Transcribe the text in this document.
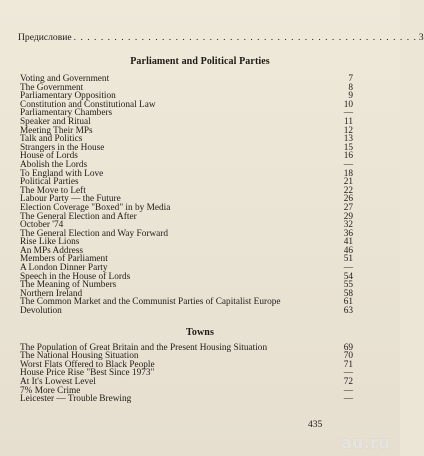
Предисловие . . . . . . . . . . . . . . . . . . . . . . . . . . . . . . . . . . . . . . . . . . . . . . . . . . . 3
Parliament and Political Parties
Voting and Government	7
The Government	8
Parliamentary Opposition	9
Constitution and Constitutional Law	10
Parliamentary Chambers	—
Speaker and Ritual	11
Meeting Their MPs	12
Talk and Politics	13
Strangers in the House	15
House of Lords	16
Abolish the Lords	—
To England with Love	18
Political Parties	21
The Move to Left	22
Labour Party — the Future	26
Election Coverage "Boxed" in by Media	27
The General Election and After	29
October '74	32
The General Election and Way Forward	36
Rise Like Lions	41
An MPs Address	46
Members of Parliament	51
A London Dinner Party	—
Speech in the House of Lords	54
The Meaning of Numbers	55
Northern Ireland	58
The Common Market and the Communist Parties of Capitalist Europe	61
Devolution	63
Towns
The Population of Great Britain and the Present Housing Situation	69
The National Housing Situation	70
Worst Flats Offered to Black People	71
House Price Rise "Best Since 1973"	—
At It's Lowest Level	72
7% More Crime	—
Leicester — Trouble Brewing	—
435
au.ru
